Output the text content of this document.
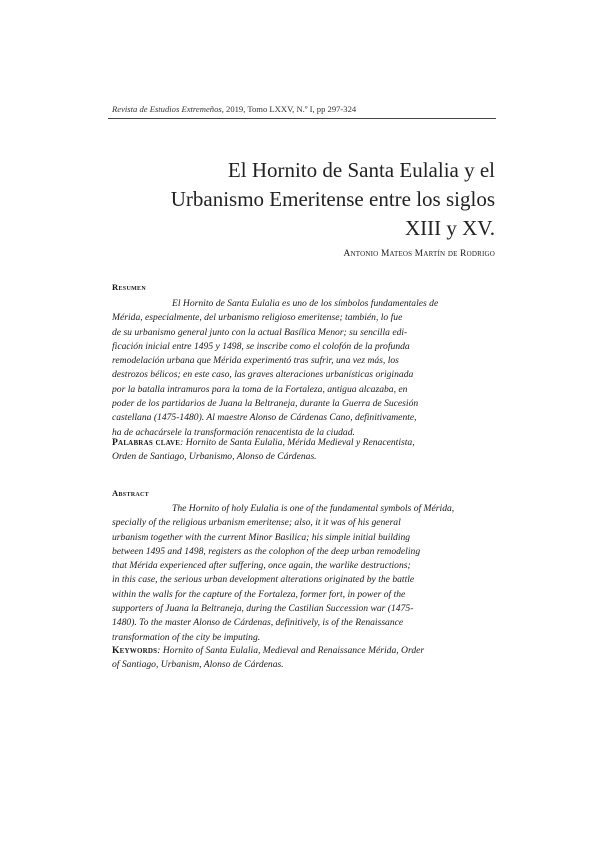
Revista de Estudios Extremeños, 2019, Tomo LXXV, N.º I, pp 297-324
El Hornito de Santa Eulalia y el
Urbanismo Emeritense entre los siglos
XIII y XV.
Antonio Mateos Martín de Rodrigo
Resumen
El Hornito de Santa Eulalia es uno de los símbolos fundamentales de
Mérida, especialmente, del urbanismo religioso emeritense; también, lo fue
de su urbanismo general junto con la actual Basílica Menor; su sencilla edi-
ficación inicial entre 1495 y 1498, se inscribe como el colofón de la profunda
remodelación urbana que Mérida experimentó tras sufrir, una vez más, los
destrozos bélicos; en este caso, las graves alteraciones urbanísticas originada
por la batalla intramuros para la toma de la Fortaleza, antigua alcazaba, en
poder de los partidarios de Juana la Beltraneja, durante la Guerra de Sucesión
castellana (1475-1480). Al maestre Alonso de Cárdenas Cano, definitivamente,
ha de achacársele la transformación renacentista de la ciudad.
Palabras clave: Hornito de Santa Eulalia, Mérida Medieval y Renacentista,
Orden de Santiago, Urbanismo, Alonso de Cárdenas.
Abstract
The Hornito of holy Eulalia is one of the fundamental symbols of Mérida,
specially of the religious urbanism emeritense; also, it it was of his general
urbanism together with the current Minor Basilica; his simple initial building
between 1495 and 1498, registers as the colophon of the deep urban remodeling
that Mérida experienced after suffering, once again, the warlike destructions;
in this case, the serious urban development alterations originated by the battle
within the walls for the capture of the Fortaleza, former fort, in power of the
supporters of Juana la Beltraneja, during the Castilian Succession war (1475-
1480). To the master Alonso de Cárdenas, definitively, is of the Renaissance
transformation of the city be imputing.
Keywords: Hornito of Santa Eulalia, Medieval and Renaissance Mérida, Order
of Santiago, Urbanism, Alonso de Cárdenas.
